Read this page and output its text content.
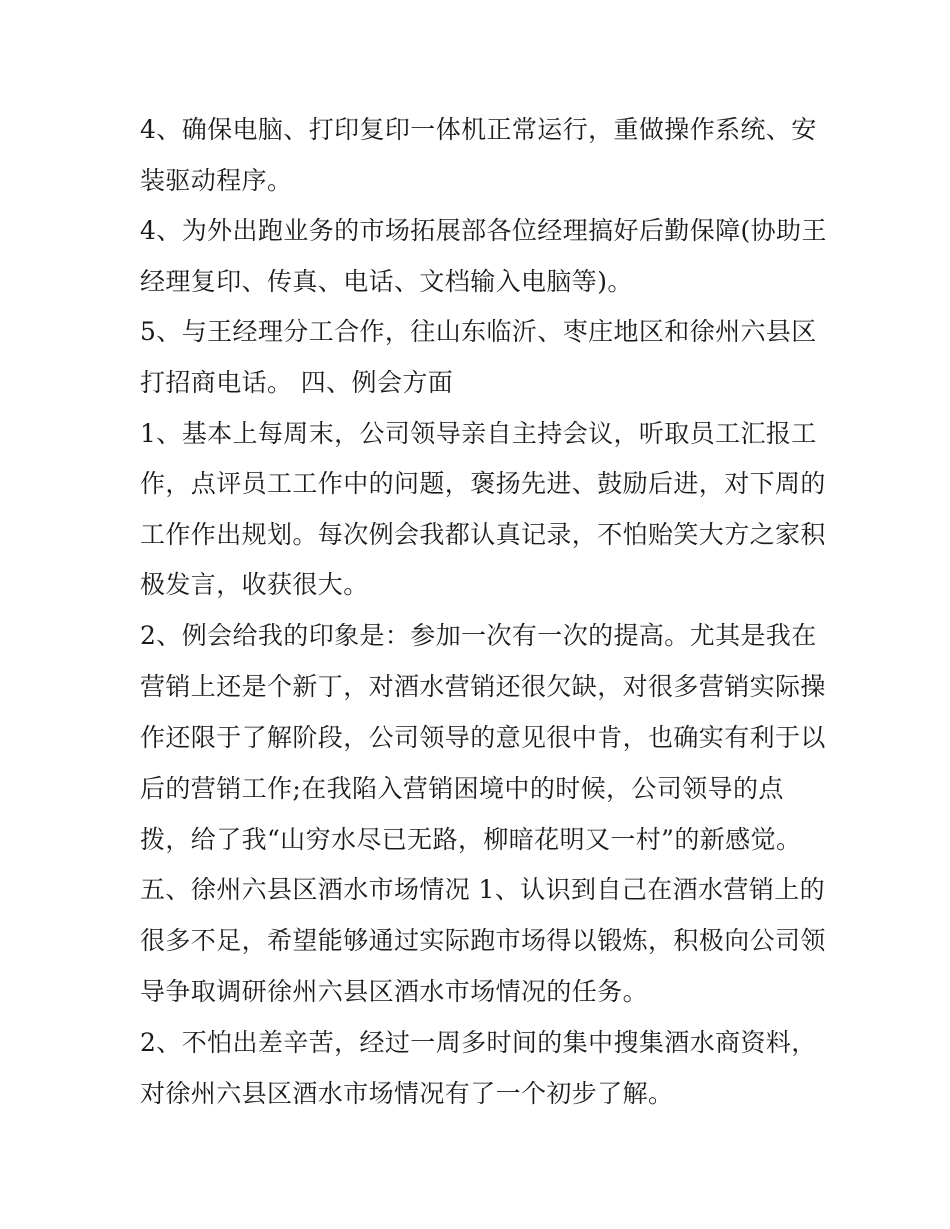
4、确保电脑、打印复印一体机正常运行，重做操作系统、安
装驱动程序。
4、为外出跑业务的市场拓展部各位经理搞好后勤保障(协助王
经理复印、传真、电话、文档输入电脑等)。
5、与王经理分工合作，往山东临沂、枣庄地区和徐州六县区
打招商电话。 四、例会方面
1、基本上每周末，公司领导亲自主持会议，听取员工汇报工
作，点评员工工作中的问题，褒扬先进、鼓励后进，对下周的
工作作出规划。每次例会我都认真记录，不怕贻笑大方之家积
极发言，收获很大。
2、例会给我的印象是：参加一次有一次的提高。尤其是我在
营销上还是个新丁，对酒水营销还很欠缺，对很多营销实际操
作还限于了解阶段，公司领导的意见很中肯，也确实有利于以
后的营销工作;在我陷入营销困境中的时候，公司领导的点
拨，给了我“山穷水尽已无路，柳暗花明又一村”的新感觉。
五、徐州六县区酒水市场情况 1、认识到自己在酒水营销上的
很多不足，希望能够通过实际跑市场得以锻炼，积极向公司领
导争取调研徐州六县区酒水市场情况的任务。
2、不怕出差辛苦，经过一周多时间的集中搜集酒水商资料，
对徐州六县区酒水市场情况有了一个初步了解。
